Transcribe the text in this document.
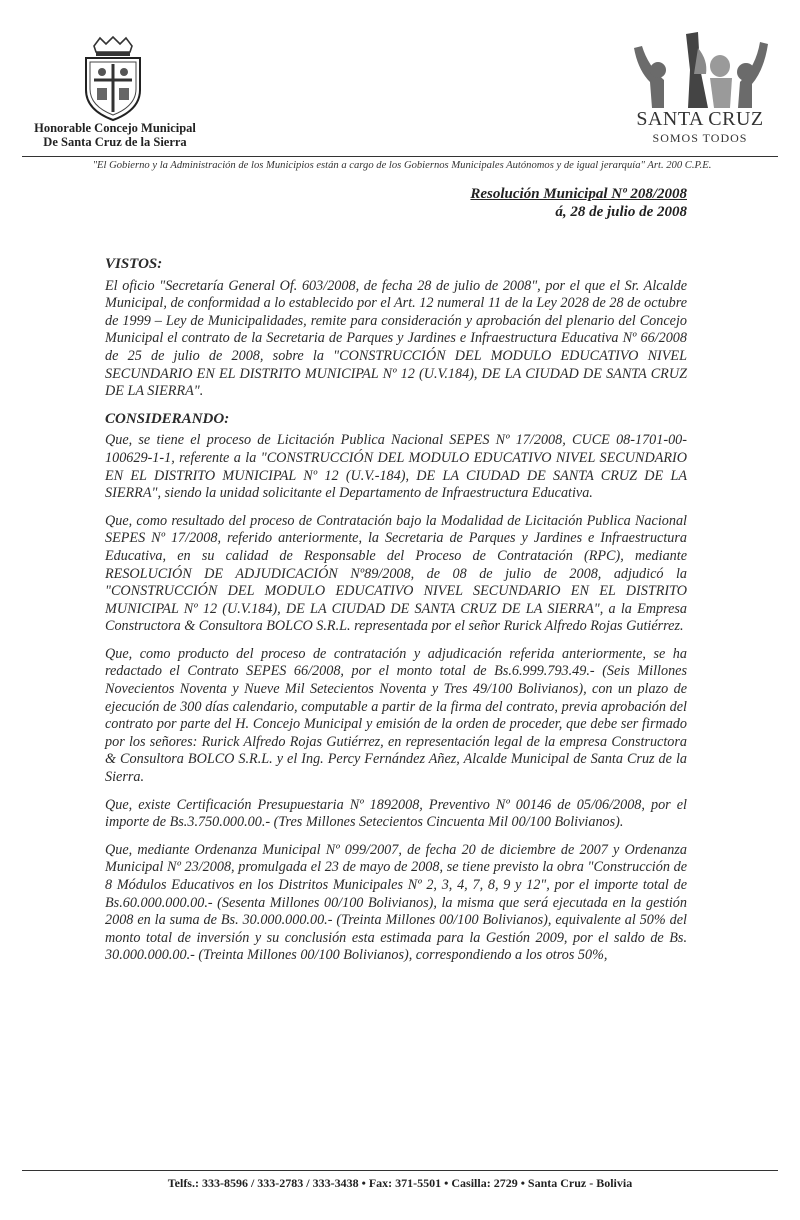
Honorable Concejo Municipal
De Santa Cruz de la Sierra
SANTA CRUZ
SOMOS TODOS
"El Gobierno y la Administración de los Municipios están a cargo de los Gobiernos Municipales Autónomos y de igual jerarquía" Art. 200 C.P.E.
Resolución Municipal Nº 208/2008
á, 28 de julio de 2008
VISTOS:

El oficio "Secretaría General Of. 603/2008, de fecha 28 de julio de 2008", por el que el Sr. Alcalde Municipal, de conformidad a lo establecido por el Art. 12 numeral 11 de la Ley 2028 de 28 de octubre de 1999 – Ley de Municipalidades, remite para consideración y aprobación del plenario del Concejo Municipal el contrato de la Secretaria de Parques y Jardines e Infraestructura Educativa Nº 66/2008 de 25 de julio de 2008, sobre la "CONSTRUCCIÓN DEL MODULO EDUCATIVO NIVEL SECUNDARIO EN EL DISTRITO MUNICIPAL Nº 12 (U.V.184), DE LA CIUDAD DE SANTA CRUZ DE LA SIERRA".

CONSIDERANDO:

Que, se tiene el proceso de Licitación Publica Nacional SEPES Nº 17/2008, CUCE 08-1701-00-100629-1-1, referente a la "CONSTRUCCIÓN DEL MODULO EDUCATIVO NIVEL SECUNDARIO EN EL DISTRITO MUNICIPAL Nº 12 (U.V.-184), DE LA CIUDAD DE SANTA CRUZ DE LA SIERRA", siendo la unidad solicitante el Departamento de Infraestructura Educativa.

Que, como resultado del proceso de Contratación bajo la Modalidad de Licitación Publica Nacional SEPES Nº 17/2008, referido anteriormente, la Secretaria de Parques y Jardines e Infraestructura Educativa, en su calidad de Responsable del Proceso de Contratación (RPC), mediante RESOLUCIÓN DE ADJUDICACIÓN Nº89/2008, de 08 de julio de 2008, adjudicó la "CONSTRUCCIÓN DEL MODULO EDUCATIVO NIVEL SECUNDARIO EN EL DISTRITO MUNICIPAL Nº 12 (U.V.184), DE LA CIUDAD DE SANTA CRUZ DE LA SIERRA", a la Empresa Constructora & Consultora BOLCO S.R.L. representada por el señor Rurick Alfredo Rojas Gutiérrez.

Que, como producto del proceso de contratación y adjudicación referida anteriormente, se ha redactado el Contrato SEPES 66/2008, por el monto total de Bs.6.999.793.49.- (Seis Millones Novecientos Noventa y Nueve Mil Setecientos Noventa y Tres 49/100 Bolivianos), con un plazo de ejecución de 300 días calendario, computable a partir de la firma del contrato, previa aprobación del contrato por parte del H. Concejo Municipal y emisión de la orden de proceder, que debe ser firmado por los señores: Rurick Alfredo Rojas Gutiérrez, en representación legal de la empresa Constructora & Consultora BOLCO S.R.L. y el Ing. Percy Fernández Añez, Alcalde Municipal de Santa Cruz de la Sierra.

Que, existe Certificación Presupuestaria Nº 1892008, Preventivo Nº 00146 de 05/06/2008, por el importe de Bs.3.750.000.00.- (Tres Millones Setecientos Cincuenta Mil 00/100 Bolivianos).

Que, mediante Ordenanza Municipal Nº 099/2007, de fecha 20 de diciembre de 2007 y Ordenanza Municipal Nº 23/2008, promulgada el 23 de mayo de 2008, se tiene previsto la obra "Construcción de 8 Módulos Educativos en los Distritos Municipales Nº 2, 3, 4, 7, 8, 9 y 12", por el importe total de Bs.60.000.000.00.- (Sesenta Millones 00/100 Bolivianos), la misma que será ejecutada en la gestión 2008 en la suma de Bs. 30.000.000.00.- (Treinta Millones 00/100 Bolivianos), equivalente al 50% del monto total de inversión y su conclusión esta estimada para la Gestión 2009, por el saldo de Bs. 30.000.000.00.- (Treinta Millones 00/100 Bolivianos), correspondiendo a los otros 50%,

Telfs.: 333-8596 / 333-2783 / 333-3438 • Fax: 371-5501 • Casilla: 2729 • Santa Cruz - Bolivia
